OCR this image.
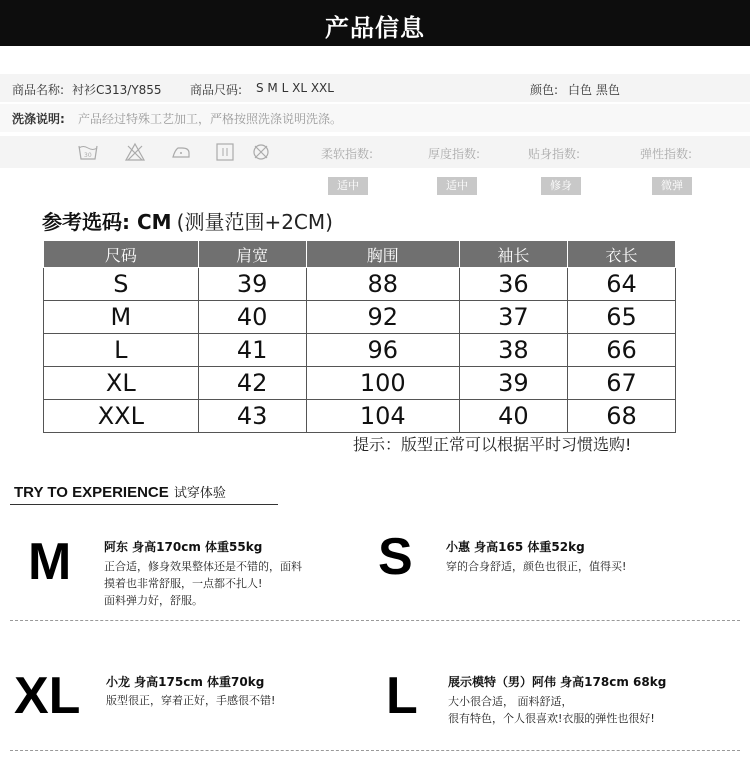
产品信息
商品名称: 衬衫C313/Y855 商品尺码: S M L XL XXL	颜色: 白色 黑色
洗涤说明: 产品经过特殊工艺加工，严格按照洗涤说明洗涤。
30	柔软指数:	厚度指数:	贴身指数:	弹性指数:
适中	适中	修身	微弹
参考选码: CM (测量范围+2CM)
尺码	肩宽	胸围	袖长	衣长
S	39	88	36	64
M	40	92	37	65
L	41	96	38	66
XL	42	100	39	67
XXL	43	104	40	68
提示：版型正常可以根据平时习惯选购!
TRY TO EXPERIENCE 试穿体验
M	阿东 身高170cm 体重55kg
正合适，修身效果整体还是不错的，面料
摸着也非常舒服，一点都不扎人!
面料弹力好，舒服。
S	小惠 身高165 体重52kg
穿的合身舒适，颜色也很正，值得买!
XL 小龙 身高175cm 体重70kg
版型很正，穿着正好，手感很不错! L	展示模特（男）阿伟 身高178cm 68kg
大小很合适， 面料舒适，
很有特色，个人很喜欢!衣服的弹性也很好!
